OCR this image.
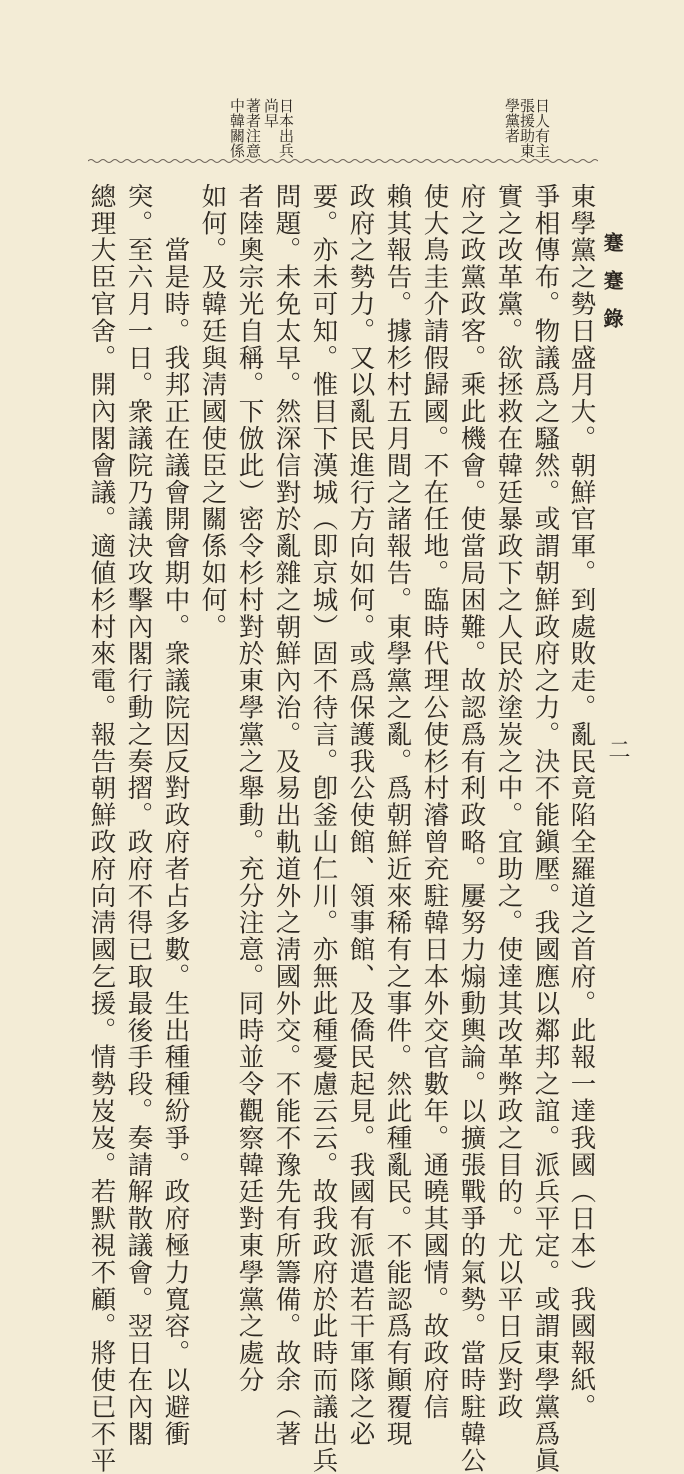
蹇蹇錄
二
日人有主
張援助東
學黨者
日本出兵
尚早
著者注意
中韓關係
東學黨之勢日盛月大。朝鮮官軍。到處敗走。亂民竟陷全羅道之首府。此報一達我國（日本）我國報紙。
爭相傳布。物議爲之騷然。或謂朝鮮政府之力。決不能鎭壓。我國應以鄰邦之誼。派兵平定。或謂東學黨爲眞
實之改革黨。欲拯救在韓廷暴政下之人民於塗炭之中。宜助之。使達其改革弊政之目的。尤以平日反對政
府之政黨政客。乘此機會。使當局困難。故認爲有利政略。屢努力煽動輿論。以擴張戰爭的氣勢。當時駐韓公
使大鳥圭介請假歸國。不在任地。臨時代理公使杉村濬曾充駐韓日本外交官數年。通曉其國情。故政府信
賴其報告。據杉村五月間之諸報告。東學黨之亂。爲朝鮮近來稀有之事件。然此種亂民。不能認爲有顚覆現
政府之勢力。又以亂民進行方向如何。或爲保護我公使館、領事館、及僑民起見。我國有派遣若干軍隊之必
要。亦未可知。惟目下漢城（即京城）固不待言。卽釜山仁川。亦無此種憂慮云云。故我政府於此時而議出兵
問題。未免太早。然深信對於亂雜之朝鮮內治。及易出軌道外之淸國外交。不能不豫先有所籌備。故余（著
者陸奧宗光自稱。下倣此）密令杉村對於東學黨之舉動。充分注意。同時並令觀察韓廷對東學黨之處分
如何。及韓廷與淸國使臣之關係如何。
　　當是時。我邦正在議會開會期中。衆議院因反對政府者占多數。生出種種紛爭。政府極力寬容。以避衝
突。至六月一日。衆議院乃議決攻擊內閣行動之奏摺。政府不得已取最後手段。奏請解散議會。翌日在內閣
總理大臣官舍。開內閣會議。適値杉村來電。報告朝鮮政府向淸國乞援。情勢岌岌。若默視不顧。將使已不平
